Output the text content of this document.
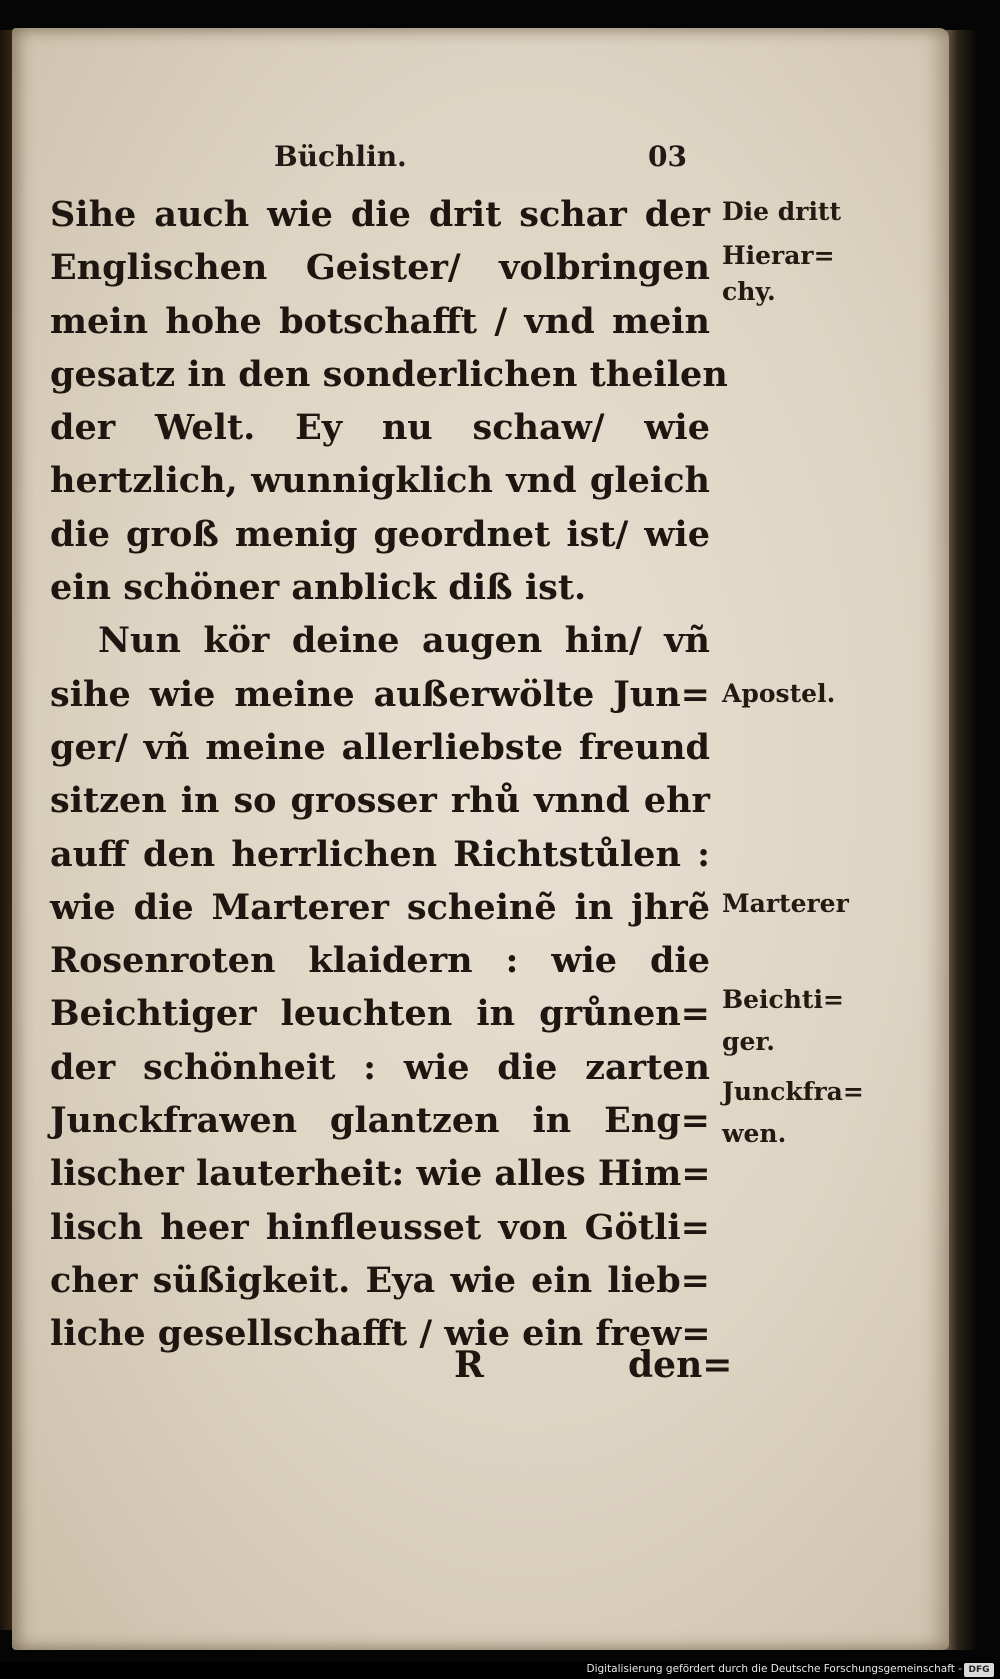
Büchlin.	03
Sihe auch wie die drit schar der
Englischen Geister/ volbringen
mein hohe botschafft / vnd mein
gesatz in den sonderlichen theilen
der Welt. Ey nu schaw/ wie
hertzlich, wunnigklich vnd gleich
die groß menig geordnet ist/ wie
ein schöner anblick diß ist.
Nun kör deine augen hin/ vñ
sihe wie meine außerwölte Jun=
ger/ vñ meine allerliebste freund
sitzen in so grosser rhů vnnd ehr
auff den herrlichen Richtstůlen :
wie die Marterer scheinẽ in jhrẽ
Rosenroten klaidern : wie die
Beichtiger leuchten in grůnen=
der schönheit : wie die zarten
Junckfrawen glantzen in Eng=
lischer lauterheit: wie alles Him=
lisch heer hinfleusset von Götli=
cher süßigkeit. Eya wie ein lieb=
liche gesellschafft / wie ein frew=
Die dritt
Hierar=
chy.
Apostel.
Marterer
Beichti=
ger.
Junckfra=
wen.
R	den=
Digitalisierung gefördert durch die Deutsche Forschungsgemeinschaft - DFG
